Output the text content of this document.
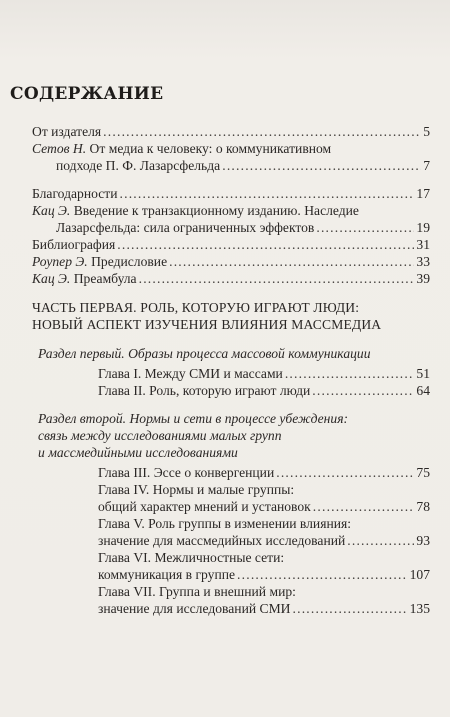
СОДЕРЖАНИЕ
От издателя .....	5
Сетов Н. От медиа к человеку: о коммуникативном
подходе П. Ф. Лазарсфельда .....	7
Благодарности .....	17
Кац Э. Введение к транзакционному изданию. Наследие
Лазарсфельда: сила ограниченных эффектов .....	19
Библиография .....	31
Роупер Э. Предисловие .....	33
Кац Э. Преамбула .....	39
ЧАСТЬ ПЕРВАЯ. РОЛЬ, КОТОРУЮ ИГРАЮТ ЛЮДИ:
НОВЫЙ АСПЕКТ ИЗУЧЕНИЯ ВЛИЯНИЯ МАССМЕДИА
Раздел первый. Образы процесса массовой коммуникации
Глава I. Между СМИ и массами .....	51
Глава II. Роль, которую играют люди .....	64
Раздел второй. Нормы и сети в процессе убеждения:
связь между исследованиями малых групп
и массмедийными исследованиями
Глава III. Эссе о конвергенции .....	75
Глава IV. Нормы и малые группы:
общий характер мнений и установок .....	78
Глава V. Роль группы в изменении влияния:
значение для массмедийных исследований .....	93
Глава VI. Межличностные сети:
коммуникация в группе .....	107
Глава VII. Группа и внешний мир:
значение для исследований СМИ .....	135
